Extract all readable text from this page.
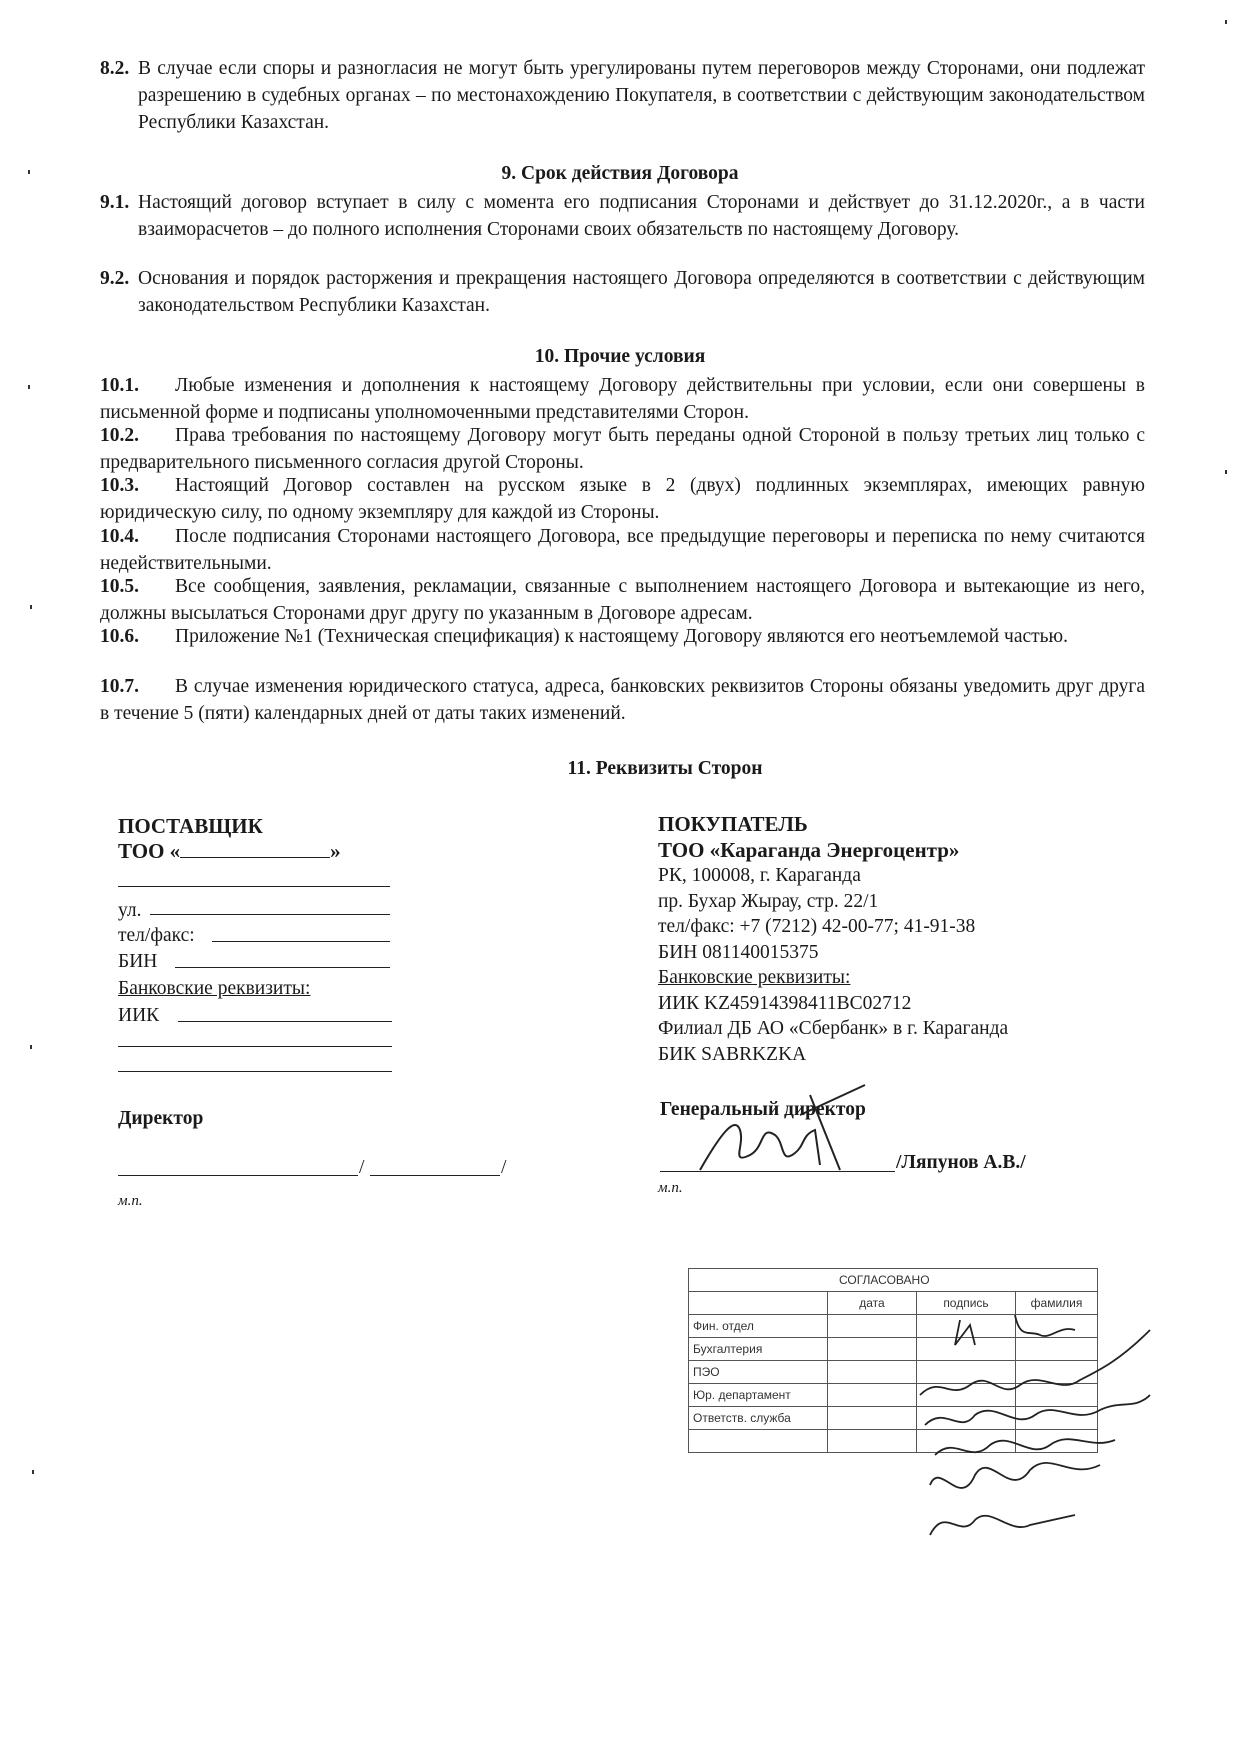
8.2. В случае если споры и разногласия не могут быть урегулированы путем переговоров между Сторонами, они подлежат разрешению в судебных органах – по местонахождению Покупателя, в соответствии с действующим законодательством Республики Казахстан.
9. Срок действия Договора
9.1. Настоящий договор вступает в силу с момента его подписания Сторонами и действует до 31.12.2020г., а в части взаиморасчетов – до полного исполнения Сторонами своих обязательств по настоящему Договору.
9.2. Основания и порядок расторжения и прекращения настоящего Договора определяются в соответствии с действующим законодательством Республики Казахстан.
10. Прочие условия
10.1.	Любые изменения и дополнения к настоящему Договору действительны при условии, если они совершены в письменной форме и подписаны уполномоченными представителями Сторон.
10.2.	Права требования по настоящему Договору могут быть переданы одной Стороной в пользу третьих лиц только с предварительного письменного согласия другой Стороны.
10.3.	Настоящий Договор составлен на русском языке в 2 (двух) подлинных экземплярах, имеющих равную юридическую силу, по одному экземпляру для каждой из Стороны.
10.4.	После подписания Сторонами настоящего Договора, все предыдущие переговоры и переписка по нему считаются недействительными.
10.5.	Все сообщения, заявления, рекламации, связанные с выполнением настоящего Договора и вытекающие из него, должны высылаться Сторонами друг другу по указанным в Договоре адресам.
10.6.	Приложение №1 (Техническая спецификация) к настоящему Договору являются его неотъемлемой частью.
10.7.	В случае изменения юридического статуса, адреса, банковских реквизитов Стороны обязаны уведомить друг друга в течение 5 (пяти) календарных дней от даты таких изменений.
11. Реквизиты Сторон
ПОСТАВЩИК
ТОО «	»
ул.
тел/факс:
БИН
Банковские реквизиты:
ИИК
Директор
/	/
м.п.
ПОКУПАТЕЛЬ
ТОО «Караганда Энергоцентр»
РК, 100008, г. Караганда
пр. Бухар Жырау, стр. 22/1
тел/факс: +7 (7212) 42-00-77; 41-91-38
БИН 081140015375
Банковские реквизиты:
ИИК KZ45914398411BC02712
Филиал ДБ АО «Сбербанк» в г. Караганда
БИК SABRKZKA
Генеральный директор
/Ляпунов А.В./
м.п.
СОГЛАСОВАНО			
	дата	подпись	фамилия
Фин. отдел			
Бухгалтерия			
ПЭО			
Юр. департамент			
Ответств. служба			
